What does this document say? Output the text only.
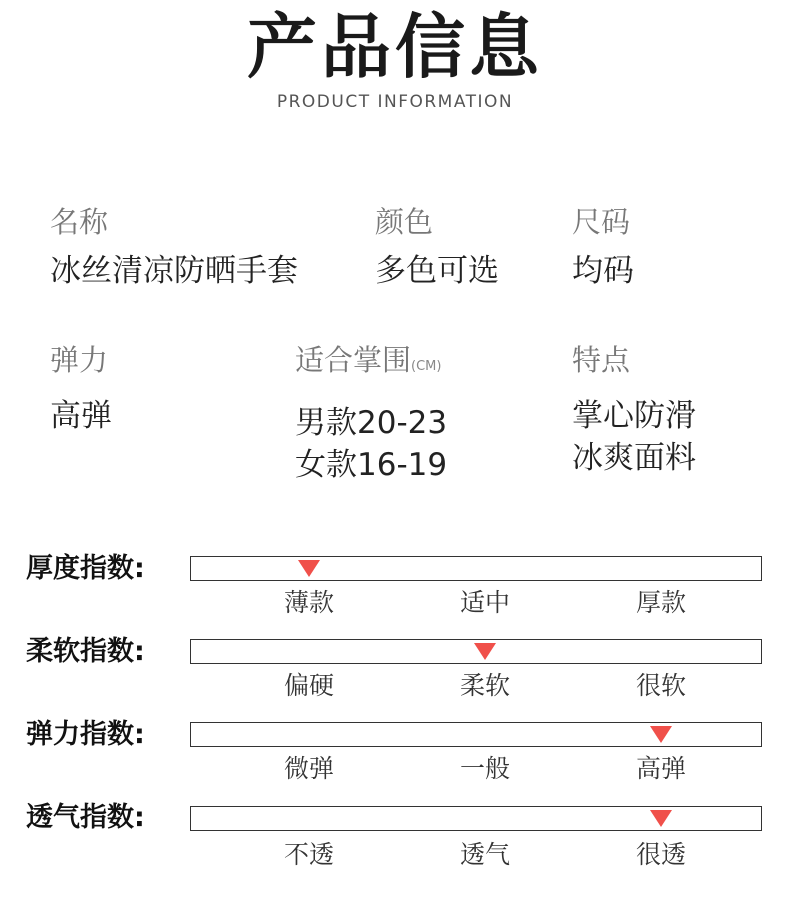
产品信息
PRODUCT INFORMATION
名称
冰丝清凉防晒手套
颜色
多色可选
尺码
均码
弹力
高弹
适合掌围(CM)
男款20-23
女款16-19
特点
掌心防滑
冰爽面料
厚度指数:
薄款	适中	厚款
柔软指数:
偏硬	柔软	很软
弹力指数:
微弹	一般	高弹
透气指数:
不透	透气	很透
